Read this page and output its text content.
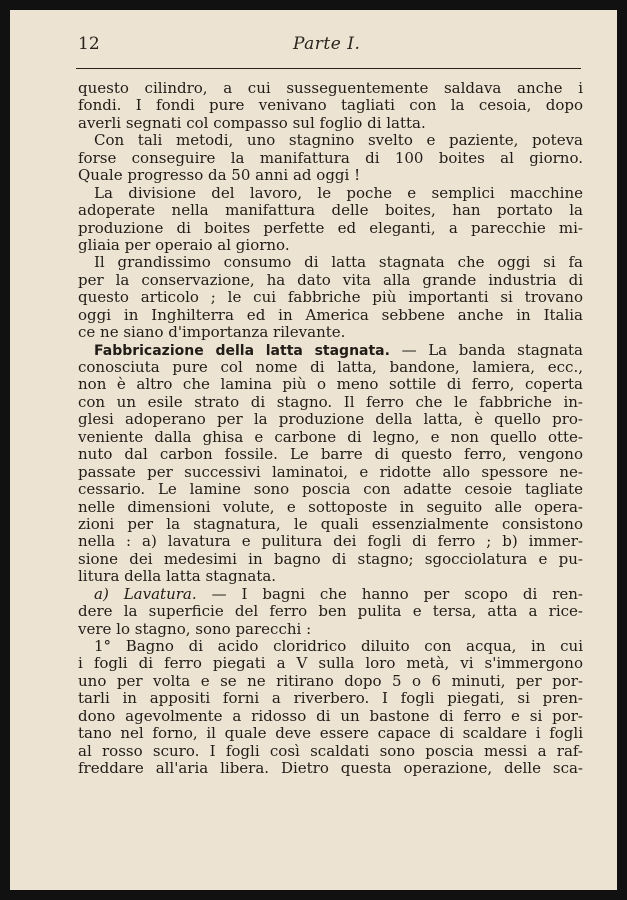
12	Parte I.
questo cilindro, a cui susseguentemente saldava anche i
fondi. I fondi pure venivano tagliati con la cesoia, dopo
averli segnati col compasso sul foglio di latta.
Con tali metodi, uno stagnino svelto e paziente, poteva
forse conseguire la manifattura di 100 boites al giorno.
Quale progresso da 50 anni ad oggi !
La divisione del lavoro, le poche e semplici macchine
adoperate nella manifattura delle boites, han portato la
produzione di boites perfette ed eleganti, a parecchie mi-
gliaia per operaio al giorno.
Il grandissimo consumo di latta stagnata che oggi si fa
per la conservazione, ha dato vita alla grande industria di
questo articolo ; le cui fabbriche più importanti si trovano
oggi in Inghilterra ed in America sebbene anche in Italia
ce ne siano d'importanza rilevante.
Fabbricazione della latta stagnata. — La banda stagnata
conosciuta pure col nome di latta, bandone, lamiera, ecc.,
non è altro che lamina più o meno sottile di ferro, coperta
con un esile strato di stagno. Il ferro che le fabbriche in-
glesi adoperano per la produzione della latta, è quello pro-
veniente dalla ghisa e carbone di legno, e non quello otte-
nuto dal carbon fossile. Le barre di questo ferro, vengono
passate per successivi laminatoi, e ridotte allo spessore ne-
cessario. Le lamine sono poscia con adatte cesoie tagliate
nelle dimensioni volute, e sottoposte in seguito alle opera-
zioni per la stagnatura, le quali essenzialmente consistono
nella : a) lavatura e pulitura dei fogli di ferro ; b) immer-
sione dei medesimi in bagno di stagno; sgocciolatura e pu-
litura della latta stagnata.
a) Lavatura. — I bagni che hanno per scopo di ren-
dere la superficie del ferro ben pulita e tersa, atta a rice-
vere lo stagno, sono parecchi :
1° Bagno di acido cloridrico diluito con acqua, in cui
i fogli di ferro piegati a V sulla loro metà, vi s'immergono
uno per volta e se ne ritirano dopo 5 o 6 minuti, per por-
tarli in appositi forni a riverbero. I fogli piegati, si pren-
dono agevolmente a ridosso di un bastone di ferro e si por-
tano nel forno, il quale deve essere capace di scaldare i fogli
al rosso scuro. I fogli così scaldati sono poscia messi a raf-
freddare all'aria libera. Dietro questa operazione, delle sca-
